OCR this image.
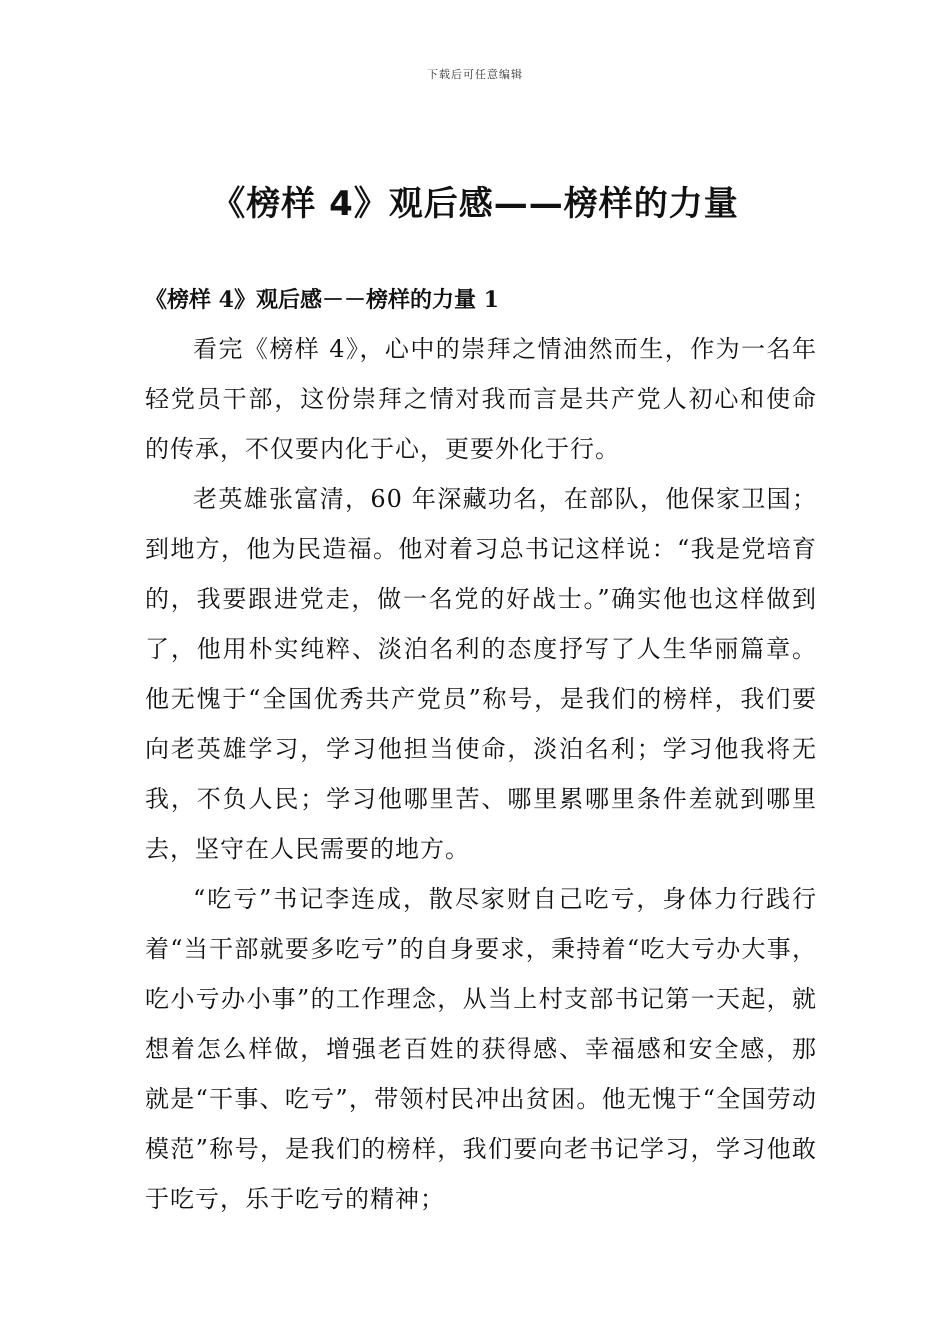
下载后可任意编辑
《榜样 4》观后感——榜样的力量
《榜样 4》观后感－－榜样的力量 1

看完《榜样 4》，心中的崇拜之情油然而生，作为一名年轻党员干部，这份崇拜之情对我而言是共产党人初心和使命的传承，不仅要内化于心，更要外化于行。

老英雄张富清，60 年深藏功名，在部队，他保家卫国；到地方，他为民造福。他对着习总书记这样说：“我是党培育的，我要跟进党走，做一名党的好战士。”确实他也这样做到了，他用朴实纯粹、淡泊名利的态度抒写了人生华丽篇章。他无愧于“全国优秀共产党员”称号，是我们的榜样，我们要向老英雄学习，学习他担当使命，淡泊名利；学习他我将无我，不负人民；学习他哪里苦、哪里累哪里条件差就到哪里去，坚守在人民需要的地方。

“吃亏”书记李连成，散尽家财自己吃亏，身体力行践行着“当干部就要多吃亏”的自身要求，秉持着“吃大亏办大事，吃小亏办小事”的工作理念，从当上村支部书记第一天起，就想着怎么样做，增强老百姓的获得感、幸福感和安全感，那就是“干事、吃亏”，带领村民冲出贫困。他无愧于“全国劳动模范”称号，是我们的榜样，我们要向老书记学习，学习他敢于吃亏，乐于吃亏的精神；
